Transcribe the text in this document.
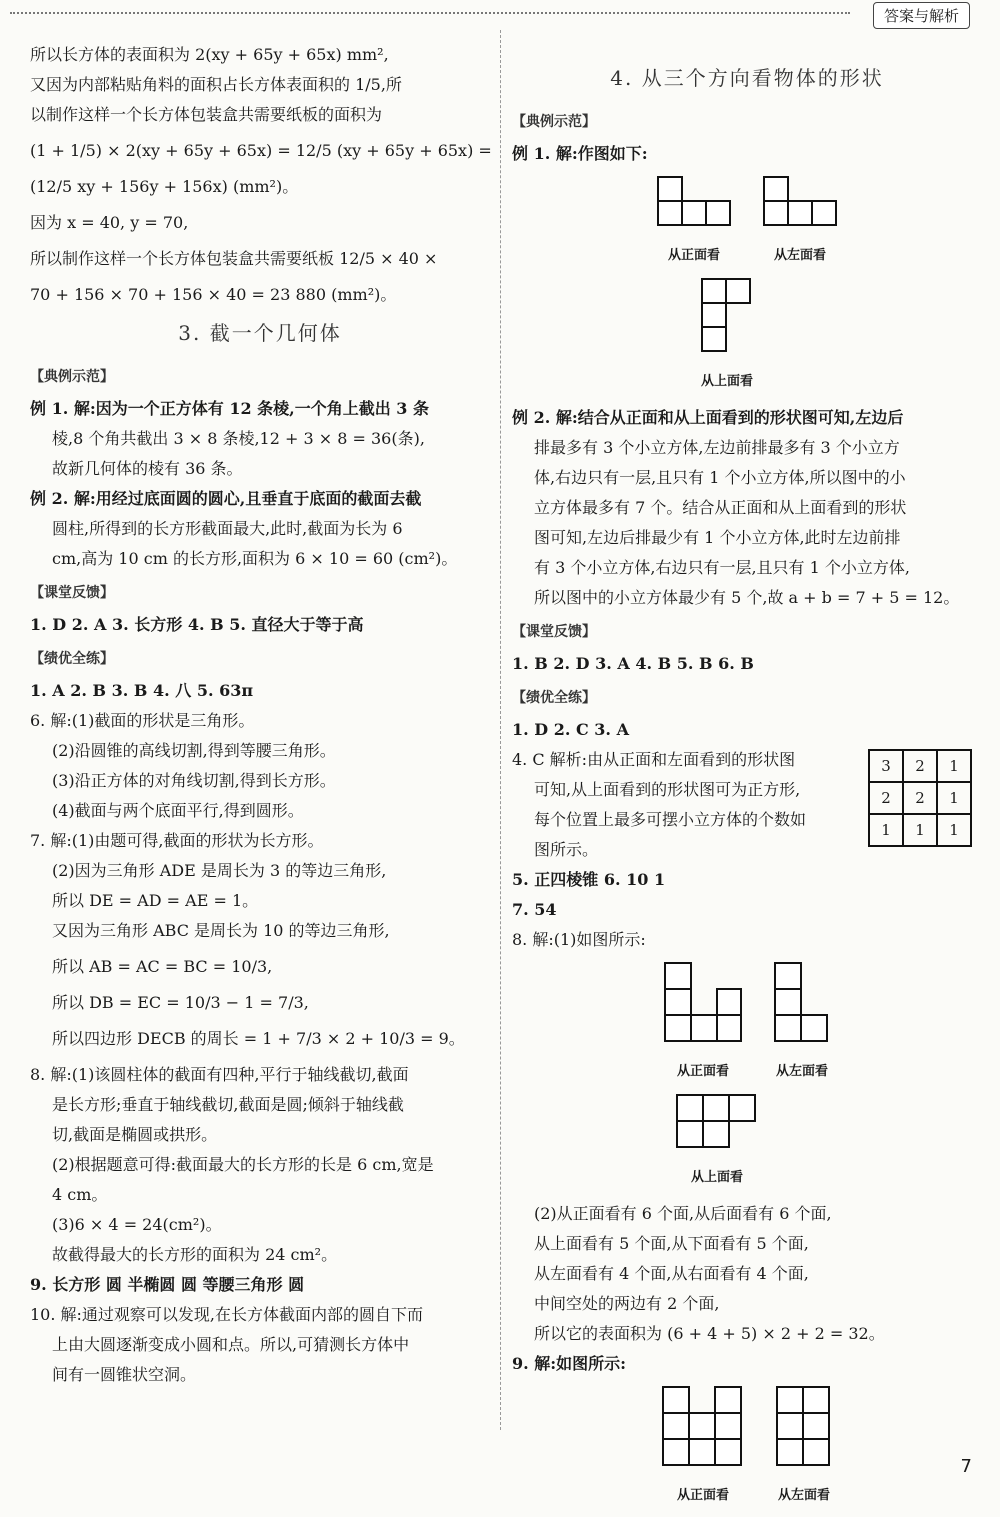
答案与解析

所以长方体的表面积为 2(xy + 65y + 65x) mm²,

又因为内部粘贴角料的面积占长方体表面积的 1/5,所

以制作这样一个长方体包装盒共需要纸板的面积为

(1 + 1/5) × 2(xy + 65y + 65x) = 12/5 (xy + 65y + 65x) =

(12/5 xy + 156y + 156x) (mm²)。

因为 x = 40, y = 70,

所以制作这样一个长方体包装盒共需要纸板 12/5 × 40 ×

70 + 156 × 70 + 156 × 40 = 23 880 (mm²)。

3. 截一个几何体

【典例示范】

例 1. 解:因为一个正方体有 12 条棱,一个角上截出 3 条

棱,8 个角共截出 3 × 8 条棱,12 + 3 × 8 = 36(条),

故新几何体的棱有 36 条。

例 2. 解:用经过底面圆的圆心,且垂直于底面的截面去截

圆柱,所得到的长方形截面最大,此时,截面为长为 6

cm,高为 10 cm 的长方形,面积为 6 × 10 = 60 (cm²)。

【课堂反馈】

1. D 2. A 3. 长方形 4. B 5. 直径大于等于高

【绩优全练】

1. A 2. B 3. B 4. 八 5. 63π

6. 解:(1)截面的形状是三角形。

(2)沿圆锥的高线切割,得到等腰三角形。

(3)沿正方体的对角线切割,得到长方形。

(4)截面与两个底面平行,得到圆形。

7. 解:(1)由题可得,截面的形状为长方形。

(2)因为三角形 ADE 是周长为 3 的等边三角形,

所以 DE = AD = AE = 1。

又因为三角形 ABC 是周长为 10 的等边三角形,

所以 AB = AC = BC = 10/3,

所以 DB = EC = 10/3 − 1 = 7/3,

所以四边形 DECB 的周长 = 1 + 7/3 × 2 + 10/3 = 9。

8. 解:(1)该圆柱体的截面有四种,平行于轴线截切,截面

是长方形;垂直于轴线截切,截面是圆;倾斜于轴线截

切,截面是椭圆或拱形。

(2)根据题意可得:截面最大的长方形的长是 6 cm,宽是

4 cm。

(3)6 × 4 = 24(cm²)。

故截得最大的长方形的面积为 24 cm²。

9. 长方形 圆 半椭圆 圆 等腰三角形 圆

10. 解:通过观察可以发现,在长方体截面内部的圆自下而

上由大圆逐渐变成小圆和点。所以,可猜测长方体中

间有一圆锥状空洞。

4. 从三个方向看物体的形状

【典例示范】

例 1. 解:作图如下:

从正面看	从左面看
从上面看

例 2. 解:结合从正面和从上面看到的形状图可知,左边后

排最多有 3 个小立方体,左边前排最多有 3 个小立方

体,右边只有一层,且只有 1 个小立方体,所以图中的小

立方体最多有 7 个。结合从正面和从上面看到的形状

图可知,左边后排最少有 1 个小立方体,此时左边前排

有 3 个小立方体,右边只有一层,且只有 1 个小立方体,

所以图中的小立方体最少有 5 个,故 a + b = 7 + 5 = 12。

【课堂反馈】

1. B 2. D 3. A 4. B 5. B 6. B

【绩优全练】

1. D 2. C 3. A

3	2	1
2	2	1
1	1	1

4. C 解析:由从正面和左面看到的形状图

可知,从上面看到的形状图可为正方形,

每个位置上最多可摆小立方体的个数如

图所示。

5. 正四棱锥 6. 10 1

7. 54

8. 解:(1)如图所示:

从正面看	从左面看
从上面看

(2)从正面看有 6 个面,从后面看有 6 个面,

从上面看有 5 个面,从下面看有 5 个面,

从左面看有 4 个面,从右面看有 4 个面,

中间空处的两边有 2 个面,

所以它的表面积为 (6 + 4 + 5) × 2 + 2 = 32。

9. 解:如图所示:

从正面看	从左面看
7
